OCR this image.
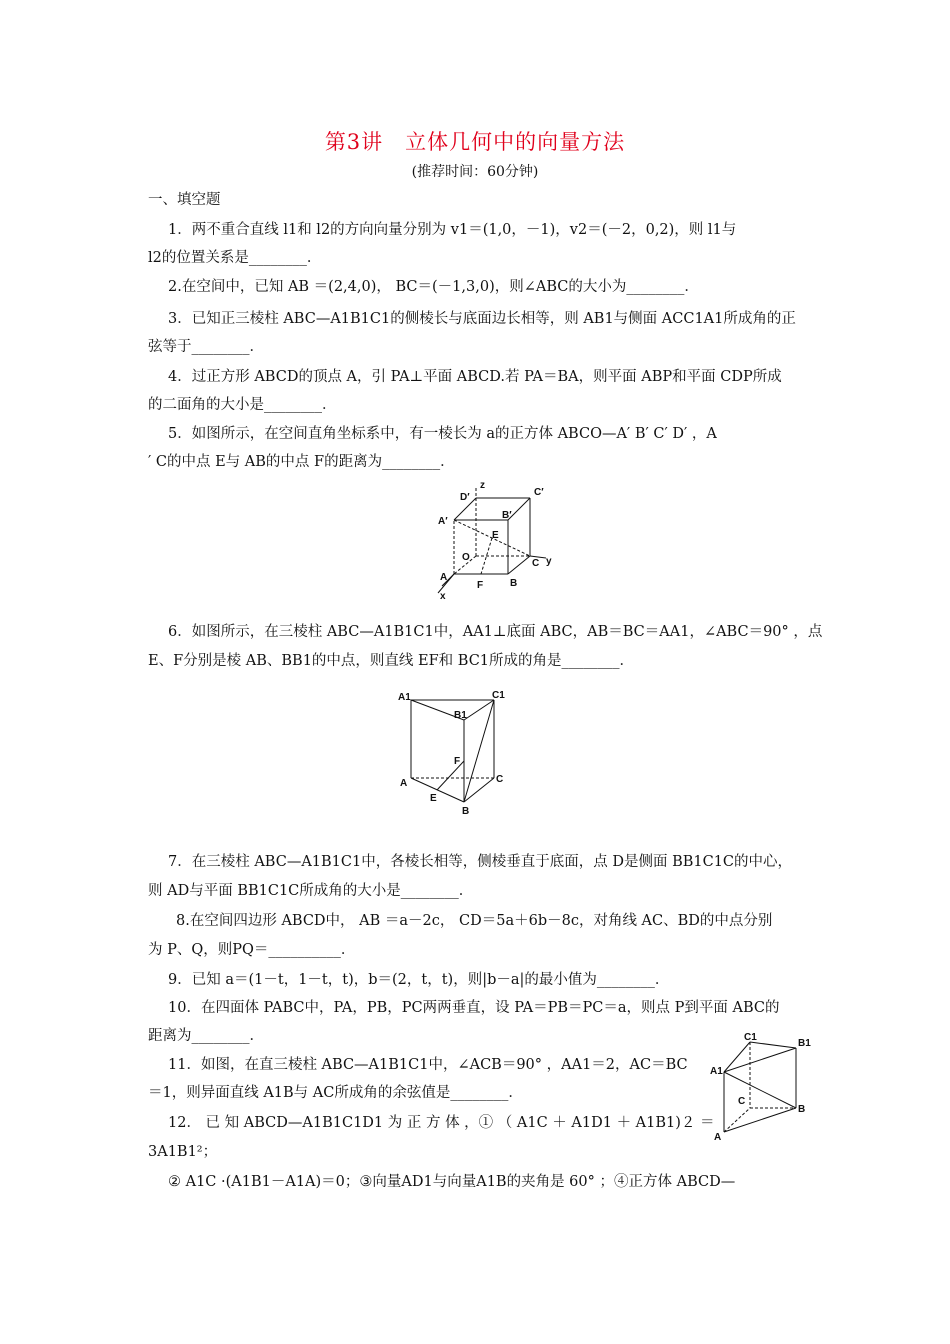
第3讲　立体几何中的向量方法
(推荐时间：60分钟)
一、填空题
1．两不重合直线 l1和 l2的方向向量分别为 v1＝(1,0，－1)，v2＝(－2，0,2)，则 l1与
l2的位置关系是________．
2.在空间中，已知 AB ＝(2,4,0)， BC＝(－1,3,0)，则∠ABC的大小为________．
3．已知正三棱柱 ABC—A1B1C1的侧棱长与底面边长相等，则 AB1与侧面 ACC1A1所成角的正
弦等于________．
4．过正方形 ABCD的顶点 A，引 PA⊥平面 ABCD.若 PA＝BA，则平面 ABP和平面 CDP所成
的二面角的大小是________．
5．如图所示，在空间直角坐标系中，有一棱长为 a的正方体 ABCO—A′ B′ C′ D′ ，A
′ C的中点 E与 AB的中点 F的距离为________．
z
D′	C′
A′
B′
E
O
C y
A
F	B
x
6．如图所示，在三棱柱 ABC—A1B1C1中，AA1⊥底面 ABC，AB＝BC＝AA1，∠ABC＝90° ，点
E、F分别是棱 AB、BB1的中点，则直线 EF和 BC1所成的角是________．
A1	C1
B1
F
C
A
E
B
7．在三棱柱 ABC—A1B1C1中，各棱长相等，侧棱垂直于底面，点 D是侧面 BB1C1C的中心，
则 AD与平面 BB1C1C所成角的大小是________．
8.在空间四边形 ABCD中， AB ＝a－2c， CD＝5a＋6b－8c，对角线 AC、BD的中点分别
为 P、Q，则PQ＝__________．
9．已知 a＝(1－t，1－t，t)，b＝(2，t，t)，则|b－a|的最小值为________．
10．在四面体 PABC中，PA，PB，PC两两垂直，设 PA＝PB＝PC＝a，则点 P到平面 ABC的
距离为________．
11．如图，在直三棱柱 ABC—A1B1C1中，∠ACB＝90° ，AA1＝2，AC＝BC
＝1，则异面直线 A1B与 AC所成角的余弦值是________．
C1
B1
A1
C
B
A
12． 已 知 ABCD—A1B1C1D1 为 正 方 体 ，① （ A1C ＋ A1D1 ＋ A1B1)２ ＝
3A1B1²；
② A1C ·(A1B1－A1A)＝0；③向量AD1与向量A1B的夹角是 60° ；④正方体 ABCD—
